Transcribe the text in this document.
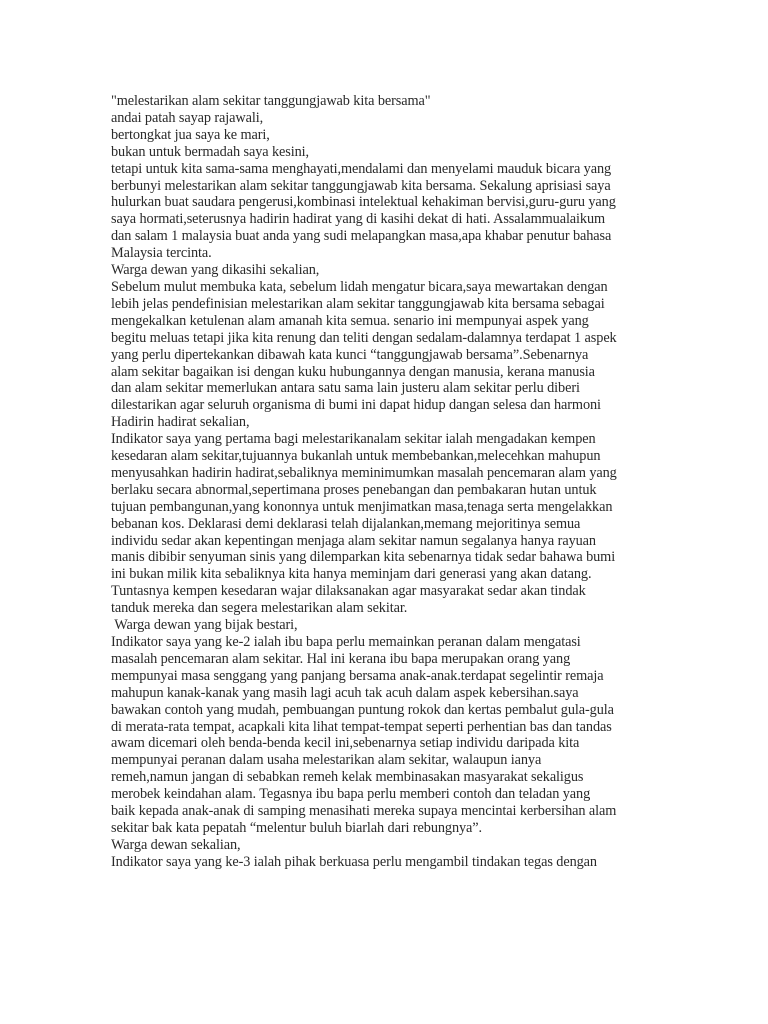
"melestarikan alam sekitar tanggungjawab kita bersama"
andai patah sayap rajawali,
bertongkat jua saya ke mari,
bukan untuk bermadah saya kesini,
tetapi untuk kita sama-sama menghayati,mendalami dan menyelami mauduk bicara yang
berbunyi melestarikan alam sekitar tanggungjawab kita bersama. Sekalung aprisiasi saya
hulurkan buat saudara pengerusi,kombinasi intelektual kehakiman bervisi,guru-guru yang
saya hormati,seterusnya hadirin hadirat yang di kasihi dekat di hati. Assalammualaikum
dan salam 1 malaysia buat anda yang sudi melapangkan masa,apa khabar penutur bahasa
Malaysia tercinta.
Warga dewan yang dikasihi sekalian,
Sebelum mulut membuka kata, sebelum lidah mengatur bicara,saya mewartakan dengan
lebih jelas pendefinisian melestarikan alam sekitar tanggungjawab kita bersama sebagai
mengekalkan ketulenan alam amanah kita semua. senario ini mempunyai aspek yang
begitu meluas tetapi jika kita renung dan teliti dengan sedalam-dalamnya terdapat 1 aspek
yang perlu dipertekankan dibawah kata kunci “tanggungjawab bersama”.Sebenarnya
alam sekitar bagaikan isi dengan kuku hubungannya dengan manusia, kerana manusia
dan alam sekitar memerlukan antara satu sama lain justeru alam sekitar perlu diberi
dilestarikan agar seluruh organisma di bumi ini dapat hidup dangan selesa dan harmoni
Hadirin hadirat sekalian,
Indikator saya yang pertama bagi melestarikanalam sekitar ialah mengadakan kempen
kesedaran alam sekitar,tujuannya bukanlah untuk membebankan,melecehkan mahupun
menyusahkan hadirin hadirat,sebaliknya meminimumkan masalah pencemaran alam yang
berlaku secara abnormal,sepertimana proses penebangan dan pembakaran hutan untuk
tujuan pembangunan,yang kononnya untuk menjimatkan masa,tenaga serta mengelakkan
bebanan kos. Deklarasi demi deklarasi telah dijalankan,memang mejoritinya semua
individu sedar akan kepentingan menjaga alam sekitar namun segalanya hanya rayuan
manis dibibir senyuman sinis yang dilemparkan kita sebenarnya tidak sedar bahawa bumi
ini bukan milik kita sebaliknya kita hanya meminjam dari generasi yang akan datang.
Tuntasnya kempen kesedaran wajar dilaksanakan agar masyarakat sedar akan tindak
tanduk mereka dan segera melestarikan alam sekitar.
Warga dewan yang bijak bestari,
Indikator saya yang ke-2 ialah ibu bapa perlu memainkan peranan dalam mengatasi
masalah pencemaran alam sekitar. Hal ini kerana ibu bapa merupakan orang yang
mempunyai masa senggang yang panjang bersama anak-anak.terdapat segelintir remaja
mahupun kanak-kanak yang masih lagi acuh tak acuh dalam aspek kebersihan.saya
bawakan contoh yang mudah, pembuangan puntung rokok dan kertas pembalut gula-gula
di merata-rata tempat, acapkali kita lihat tempat-tempat seperti perhentian bas dan tandas
awam dicemari oleh benda-benda kecil ini,sebenarnya setiap individu daripada kita
mempunyai peranan dalam usaha melestarikan alam sekitar, walaupun ianya
remeh,namun jangan di sebabkan remeh kelak membinasakan masyarakat sekaligus
merobek keindahan alam. Tegasnya ibu bapa perlu memberi contoh dan teladan yang
baik kepada anak-anak di samping menasihati mereka supaya mencintai kerbersihan alam
sekitar bak kata pepatah “melentur buluh biarlah dari rebungnya”.
Warga dewan sekalian,
Indikator saya yang ke-3 ialah pihak berkuasa perlu mengambil tindakan tegas dengan
